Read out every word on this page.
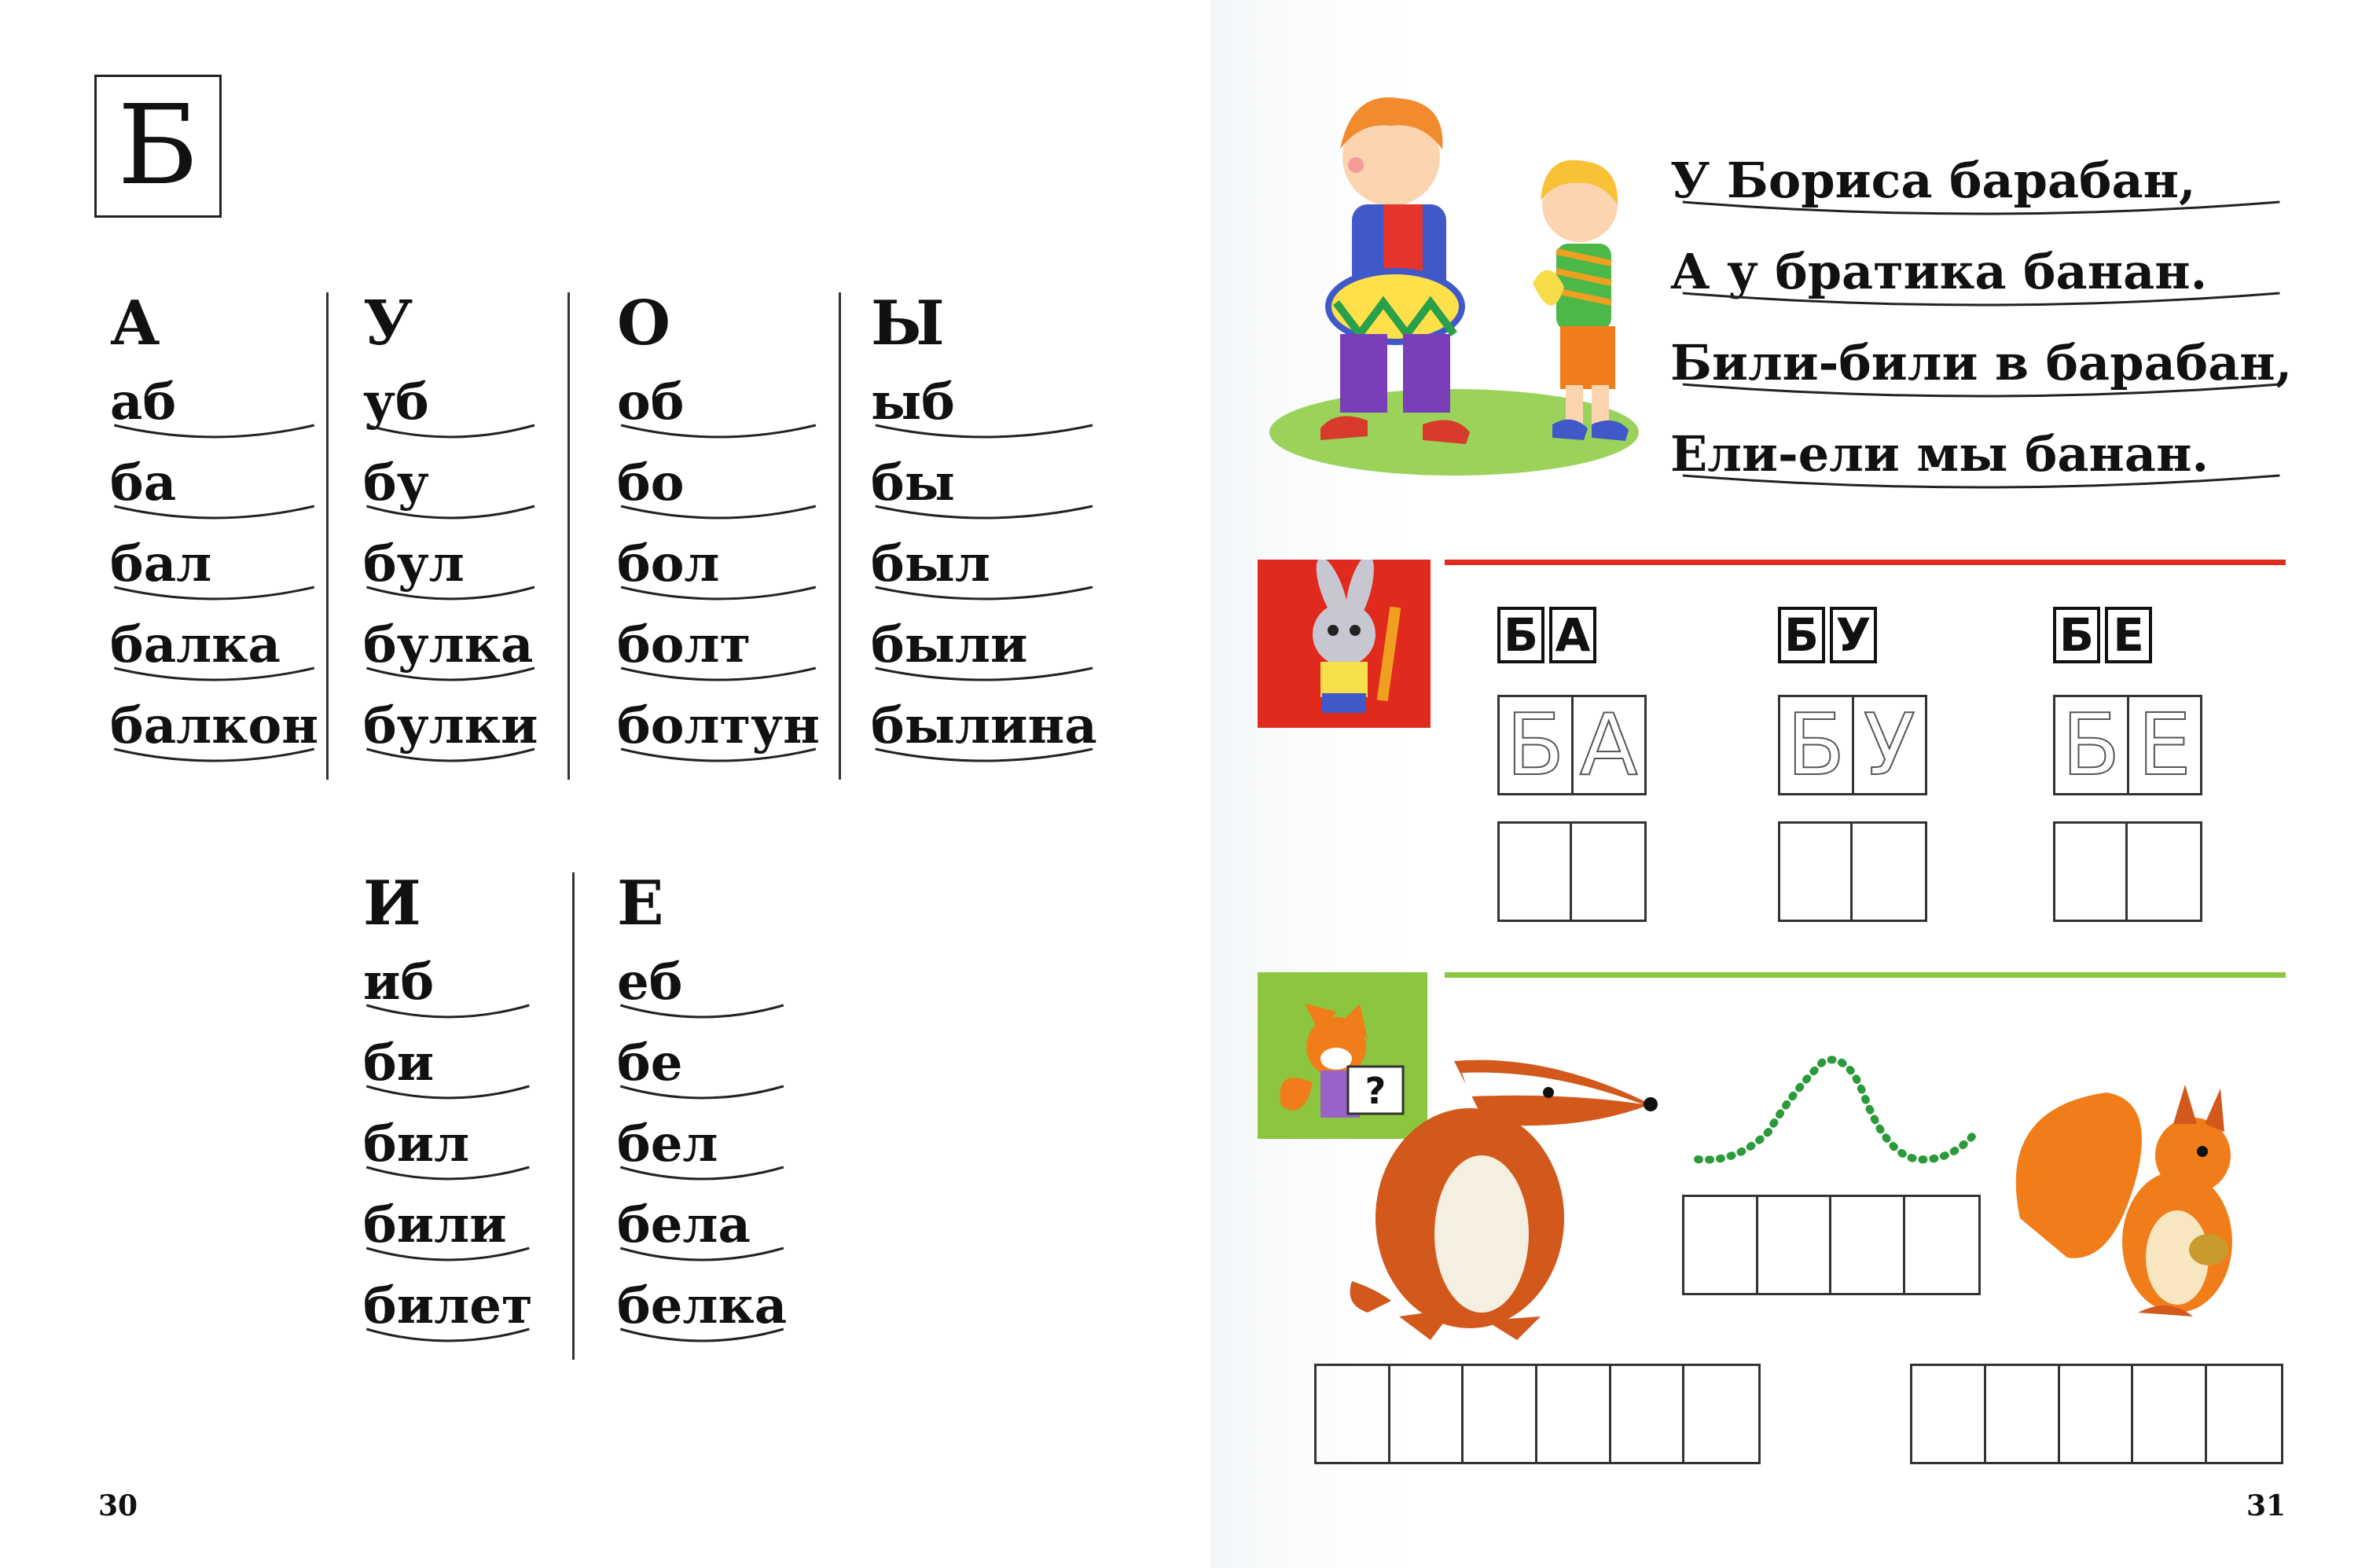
Б
А
аб
ба
бал
балка
балкон
У
уб
бу
бул
булка
булки
О
об
бо
бол
болт
болтун
Ы
ыб
бы
был
были
былина
И
иб
би
бил
били
билет
Е
еб
бе
бел
бела
белка
30
У Бориса барабан,
А у братика банан.
Били-били в барабан,
Ели-ели мы банан.
Б А
Б А
Б У
Б У
Б Е
Б Е
?
31
